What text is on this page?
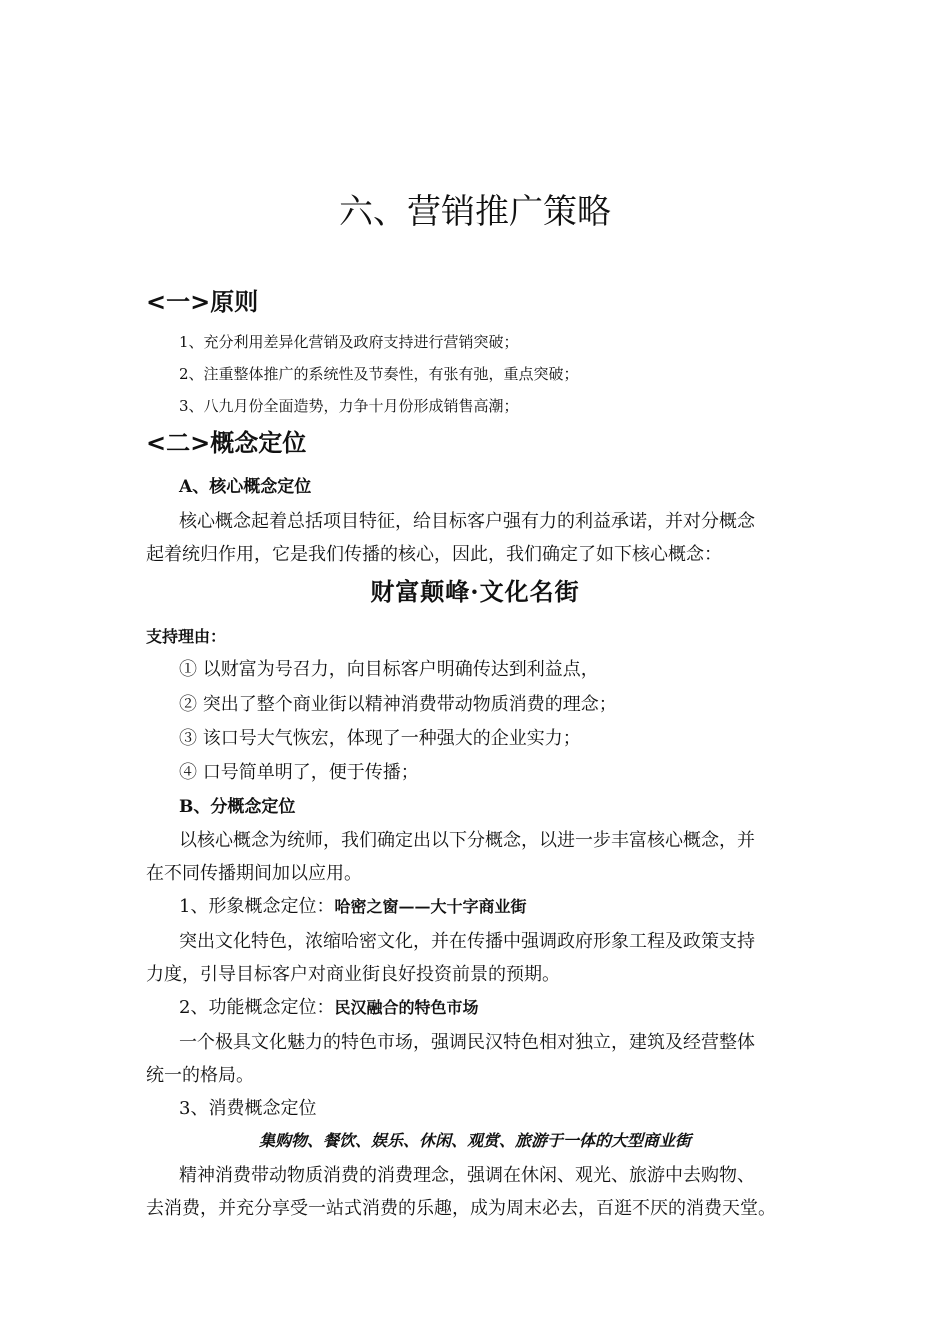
六、营销推广策略
<一>原则

1、充分利用差异化营销及政府支持进行营销突破；

2、注重整体推广的系统性及节奏性，有张有弛，重点突破；

3、八九月份全面造势，力争十月份形成销售高潮；

<二>概念定位

A、核心概念定位

核心概念起着总括项目特征，给目标客户强有力的利益承诺，并对分概念

起着统归作用，它是我们传播的核心，因此，我们确定了如下核心概念：

财富颠峰·文化名街

支持理由：

① 以财富为号召力，向目标客户明确传达到利益点，

② 突出了整个商业街以精神消费带动物质消费的理念；

③ 该口号大气恢宏，体现了一种强大的企业实力；

④ 口号简单明了，便于传播；

B、分概念定位

以核心概念为统师，我们确定出以下分概念，以进一步丰富核心概念，并

在不同传播期间加以应用。

1、形象概念定位：哈密之窗——大十字商业街

突出文化特色，浓缩哈密文化，并在传播中强调政府形象工程及政策支持

力度，引导目标客户对商业街良好投资前景的预期。

2、功能概念定位：民汉融合的特色市场

一个极具文化魅力的特色市场，强调民汉特色相对独立，建筑及经营整体

统一的格局。

3、消费概念定位

集购物、餐饮、娱乐、休闲、观赏、旅游于一体的大型商业街

精神消费带动物质消费的消费理念，强调在休闲、观光、旅游中去购物、

去消费，并充分享受一站式消费的乐趣，成为周末必去，百逛不厌的消费天堂。
